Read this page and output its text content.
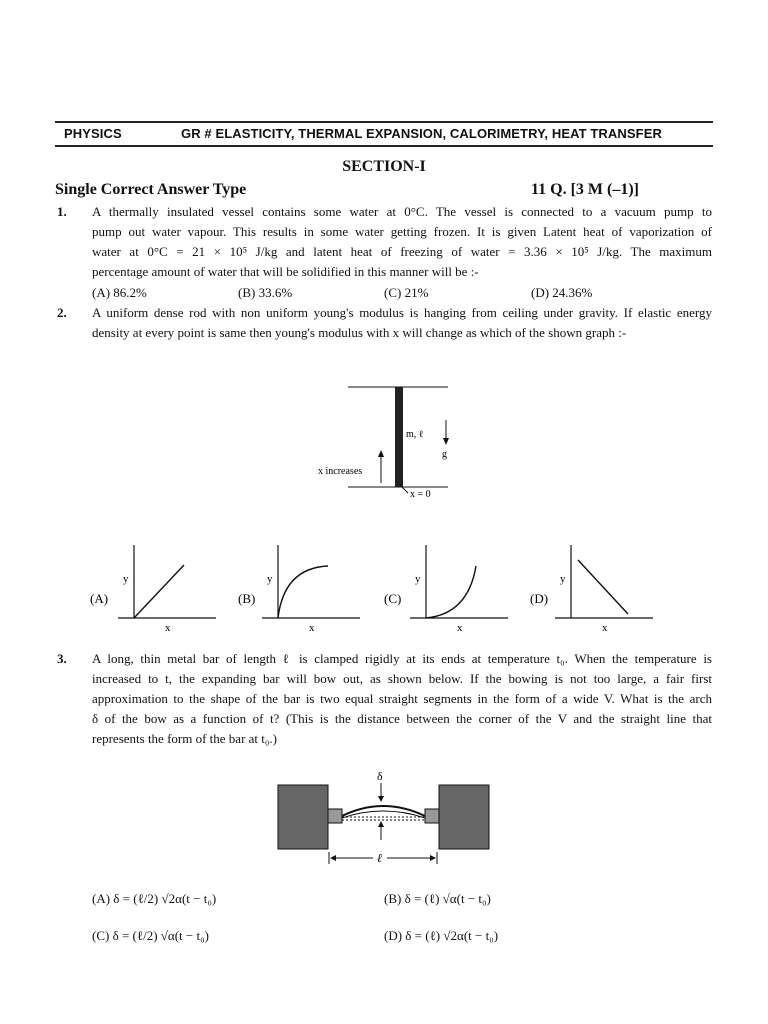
PHYSICS	GR # ELASTICITY, THERMAL EXPANSION, CALORIMETRY, HEAT TRANSFER
SECTION-I
Single Correct Answer Type	11 Q. [3 M (–1)]
1. A thermally insulated vessel contains some water at 0°C. The vessel is connected to a vacuum pump to
pump out water vapour. This results in some water getting frozen. It is given Latent heat of vaporization of
water at 0°C = 21 × 10⁵ J/kg and latent heat of freezing of water = 3.36 × 10⁵ J/kg. The maximum
percentage amount of water that will be solidified in this manner will be :-
(A) 86.2%	(B) 33.6%	(C) 21%	(D) 24.36%
2. A uniform dense rod with non uniform young's modulus is hanging from ceiling under gravity. If elastic energy
density at every point is same then young's modulus with x will change as which of the shown graph :-
m, ℓ
g
x increases
x = 0
(A)
y
x
(B)
y
x
(C)
y
x
(D)
y
x
3. A long, thin metal bar of length ℓ is clamped rigidly at its ends at temperature t₀. When the temperature is
increased to t, the expanding bar will bow out, as shown below. If the bowing is not too large, a fair first
approximation to the shape of the bar is two equal straight segments in the form of a wide V. What is the arch
δ of the bow as a function of t? (This is the distance between the corner of the V and the straight line that
represents the form of the bar at t₀.)
δ
ℓ
(A) δ = (ℓ/2) √2α(t − t₀)	(B) δ = (ℓ) √α(t − t₀)
(C) δ = (ℓ/2) √α(t − t₀)	(D) δ = (ℓ) √2α(t − t₀)
